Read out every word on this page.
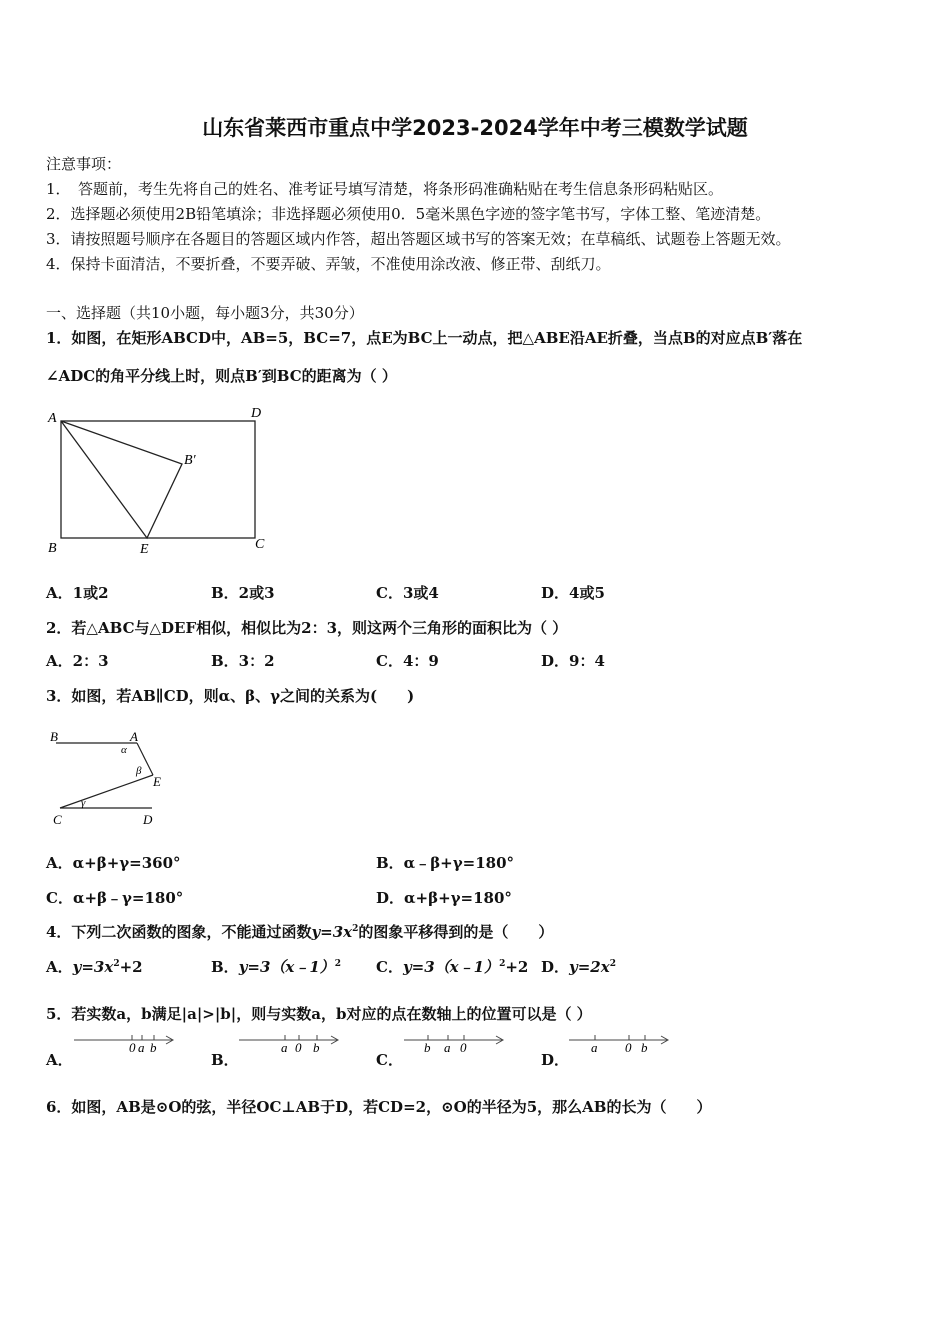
山东省莱西市重点中学2023-2024学年中考三模数学试题
注意事项：
1．　答题前，考生先将自己的姓名、准考证号填写清楚，将条形码准确粘贴在考生信息条形码粘贴区。
2．选择题必须使用2B铅笔填涂；非选择题必须使用0．5毫米黑色字迹的签字笔书写，字体工整、笔迹清楚。
3．请按照题号顺序在各题目的答题区域内作答，超出答题区域书写的答案无效；在草稿纸、试题卷上答题无效。
4．保持卡面清洁，不要折叠，不要弄破、弄皱，不准使用涂改液、修正带、刮纸刀。
一、选择题（共10小题，每小题3分，共30分）
1．如图，在矩形ABCD中，AB=5，BC=7，点E为BC上一动点，把△ABE沿AE折叠，当点B的对应点B′落在
∠ADC的角平分线上时，则点B′到BC的距离为（ ）
A	D
B′
B	E	C
A．1或2	B．2或3	C．3或4	D．4或5
2．若△ABC与△DEF相似，相似比为2：3，则这两个三角形的面积比为（ ）
A．2：3	B．3：2	C．4：9	D．9：4
3．如图，若AB∥CD，则α、β、γ之间的关系为(　　)
B	A
α
β
E
γ
C	D
A．α+β+γ=360°	B．α﹣β+γ=180°
C．α+β﹣γ=180°	D．α+β+γ=180°
4．下列二次函数的图象，不能通过函数$y=3x^2$的图象平移得到的是（　　）
A．$y=3x^2+2$	B．y=3（x﹣1）$^2$ C．y=3（x﹣1）$^2$+2 D．$y=2x^2$
5．若实数a，b满足|a|>|b|，则与实数a，b对应的点在数轴上的位置可以是（ ）
A．
0 a b
B．
a 0 b
C．
b a 0
D．
a 0 b
6．如图，AB是⊙O的弦，半径OC⊥AB于D，若CD=2，⊙O的半径为5，那么AB的长为（　　）
